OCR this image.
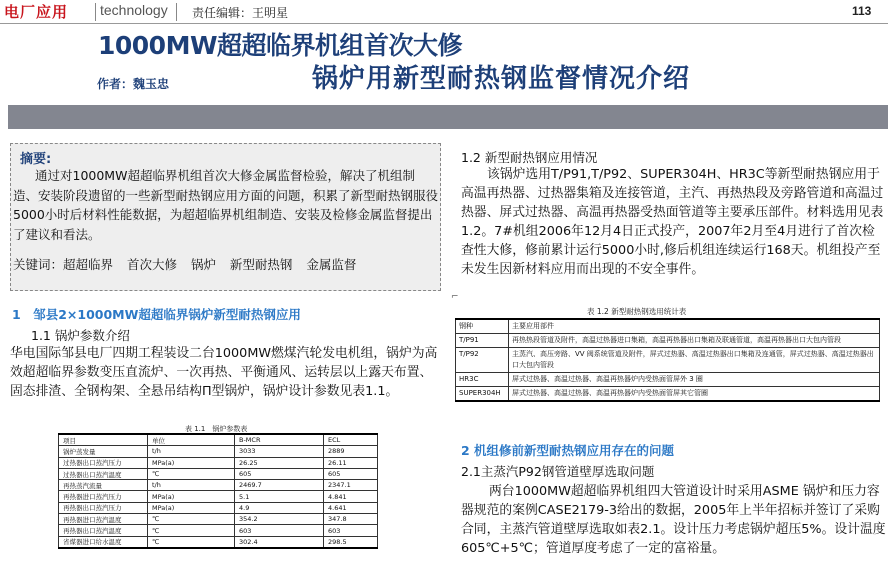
电厂应用 technology 责任编辑：王明星	113
1000MW超超临界机组首次大修
锅炉用新型耐热钢监督情况介绍
作者：魏玉忠
摘要:
通过对1000MW超超临界机组首次大修金属监督检验，解决了机组制造、安装阶段遗留的一些新型耐热钢应用方面的问题，积累了新型耐热钢服役5000小时后材料性能数据，为超超临界机组制造、安装及检修金属监督提出了建议和看法。
关键词：超超临界 首次大修 锅炉 新型耐热钢 金属监督
⌐
1　邹县2×1000MW超超临界锅炉新型耐热钢应用
1.1 锅炉参数介绍
华电国际邹县电厂四期工程装设二台1000MW燃煤汽轮发电机组，锅炉为高效超超临界参数变压直流炉、一次再热、平衡通风、运转层以上露天布置、固态排渣、全钢构架、全悬吊结构Π型锅炉，锅炉设计参数见表1.1。
表 1.1　锅炉参数表
项目	单位	B-MCR	ECL
锅炉蒸发量	t/h	3033	2889
过热器出口蒸汽压力	MPa(a)	26.25	26.11
过热器出口蒸汽温度	℃	605	605
再热蒸汽流量	t/h	2469.7	2347.1
再热器进口蒸汽压力	MPa(a)	5.1	4.841
再热器出口蒸汽压力	MPa(a)	4.9	4.641
再热器进口蒸汽温度	℃	354.2	347.8
再热器出口蒸汽温度	℃	603	603
省煤器进口给水温度	℃	302.4	298.5
1.2 新型耐热钢应用情况
该锅炉选用T/P91,T/P92、SUPER304H、HR3C等新型耐热钢应用于高温再热器、过热器集箱及连接管道，主汽、再热热段及旁路管道和高温过热器、屏式过热器、高温再热器受热面管道等主要承压部件。材料选用见表1.2。7#机组2006年12月4日正式投产，2007年2月至4月进行了首次检查性大修，修前累计运行5000小时,修后机组连续运行168天。机组投产至未发生因新材料应用而出现的不安全事件。
表 1.2 新型耐热钢选用统计表
钢种	主要应用部件
T/P91	再热热段管道及附件，高温过热器进口集箱，高温再热器出口集箱及联通管道，高温再热器出口大包内管段
T/P92	主蒸汽、高压旁路、VV 阀系统管道及附件，屏式过热器、高温过热器出口集箱及连通管，屏式过热器、高温过热器出口大包内管段
HR3C	屏式过热器、高温过热器、高温再热器炉内受热面管屏外 3 圈
SUPER304H	屏式过热器、高温过热器、高温再热器炉内受热面管屏其它管圈
2 机组修前新型耐热钢应用存在的问题
2.1主蒸汽P92钢管道壁厚选取问题
两台1000MW超超临界机组四大管道设计时采用ASME 锅炉和压力容器规范的案例CASE2179-3给出的数据，2005年上半年招标并签订了采购合同，主蒸汽管道壁厚选取如表2.1。设计压力考虑锅炉超压5%。设计温度605℃+5℃；管道厚度考虑了一定的富裕量。
